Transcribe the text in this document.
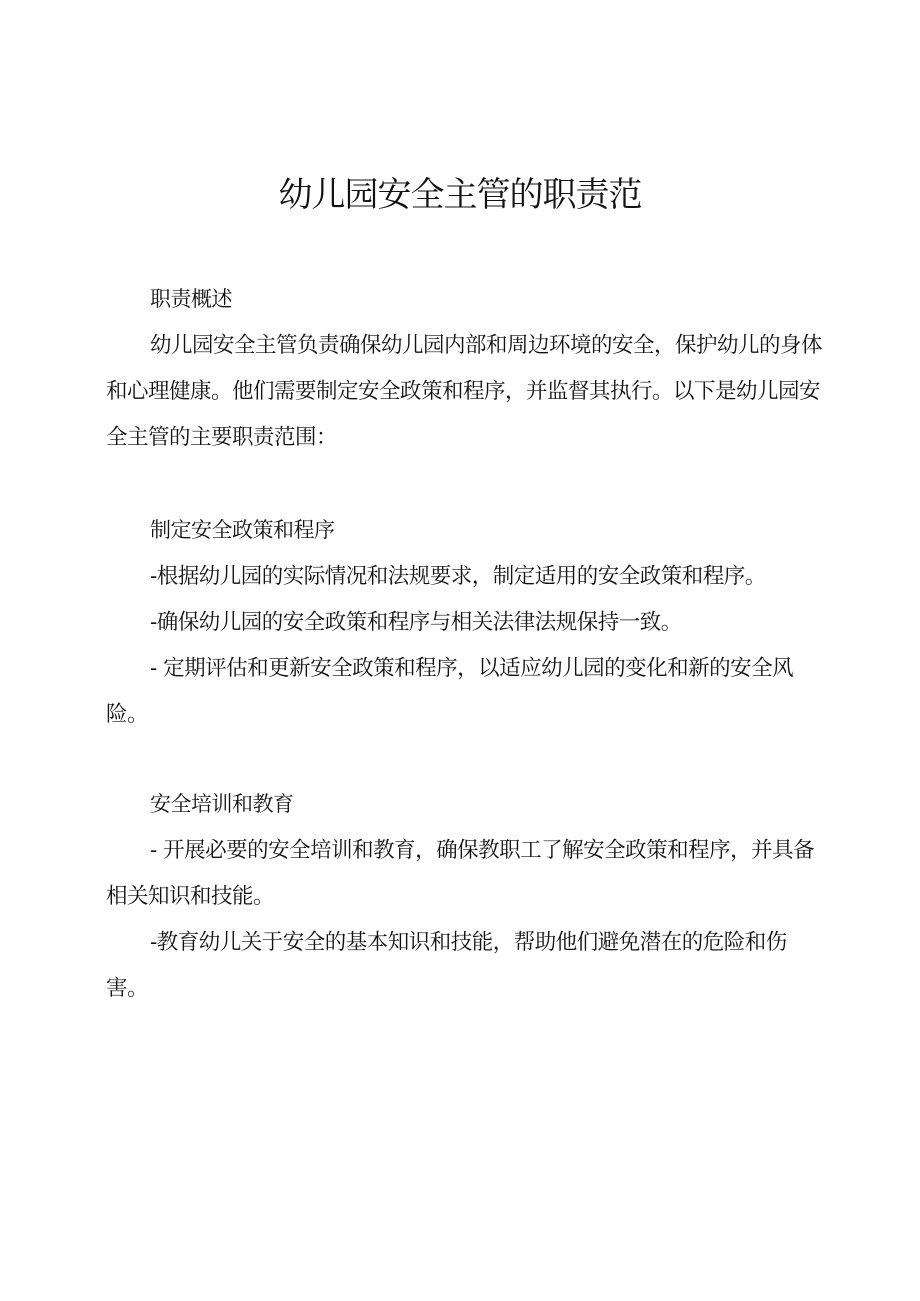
幼儿园安全主管的职责范
职责概述

幼儿园安全主管负责确保幼儿园内部和周边环境的安全，保护幼儿的身体和心理健康。他们需要制定安全政策和程序，并监督其执行。以下是幼儿园安全主管的主要职责范围：

制定安全政策和程序

-根据幼儿园的实际情况和法规要求，制定适用的安全政策和程序。

-确保幼儿园的安全政策和程序与相关法律法规保持一致。

- 定期评估和更新安全政策和程序，以适应幼儿园的变化和新的安全风险。

安全培训和教育

- 开展必要的安全培训和教育，确保教职工了解安全政策和程序，并具备相关知识和技能。

-教育幼儿关于安全的基本知识和技能，帮助他们避免潜在的危险和伤害。
